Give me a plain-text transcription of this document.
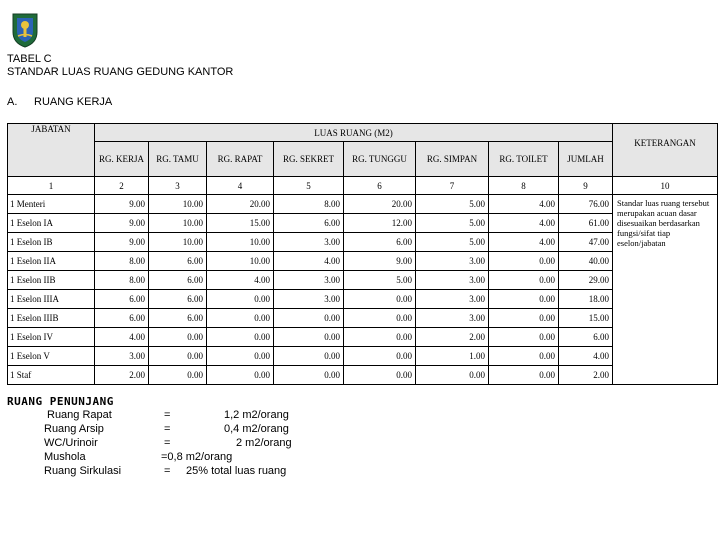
TABEL C
STANDAR LUAS RUANG GEDUNG KANTOR
A. RUANG KERJA
JABATAN	LUAS RUANG (M2)								KETERANGAN
	RG. KERJA	RG. TAMU	RG. RAPAT	RG. SEKRET	RG. TUNGGU	RG. SIMPAN	RG. TOILET	JUMLAH	
1	2	3	4	5	6	7	8	9	10
1 Menteri	9.00	10.00	20.00	8.00	20.00	5.00	4.00	76.00	Standar luas ruang tersebut merupakan acuan dasar disesuaikan berdasarkan fungsi/sifat tiap eselon/jabatan
1 Eselon IA	9.00	10.00	15.00	6.00	12.00	5.00	4.00	61.00	
1 Eselon IB	9.00	10.00	10.00	3.00	6.00	5.00	4.00	47.00	
1 Eselon IIA	8.00	6.00	10.00	4.00	9.00	3.00	0.00	40.00	
1 Eselon IIB	8.00	6.00	4.00	3.00	5.00	3.00	0.00	29.00	
1 Eselon IIIA	6.00	6.00	0.00	3.00	0.00	3.00	0.00	18.00	
1 Eselon IIIB	6.00	6.00	0.00	0.00	0.00	3.00	0.00	15.00	
1 Eselon IV	4.00	0.00	0.00	0.00	0.00	2.00	0.00	6.00	
1 Eselon V	3.00	0.00	0.00	0.00	0.00	1.00	0.00	4.00	
1 Staf	2.00	0.00	0.00	0.00	0.00	0.00	0.00	2.00	
RUANG PENUNJANG
Ruang Rapat	=	1,2 m2/orang
Ruang Arsip	=	0,4 m2/orang
WC/Urinoir	=	2 m2/orang
Mushola	=0,8 m2/orang
Ruang Sirkulasi	= 25% total luas ruang
